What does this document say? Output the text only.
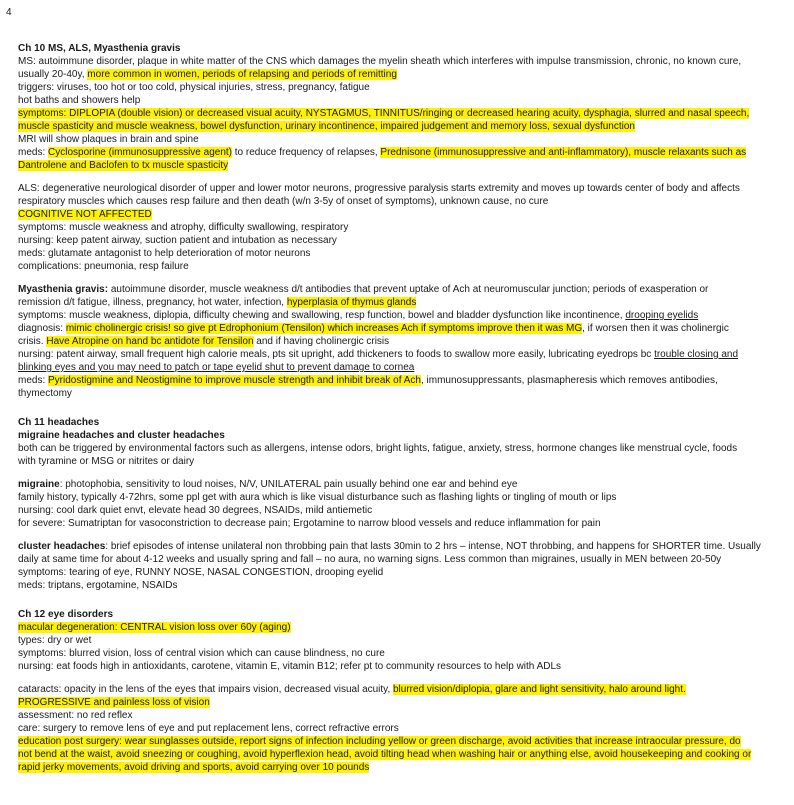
4

Ch 10 MS, ALS, Myasthenia gravis

MS: autoimmune disorder, plaque in white matter of the CNS which damages the myelin sheath which interferes with impulse transmission, chronic, no known cure,

usually 20-40y, more common in women, periods of relapsing and periods of remitting

triggers: viruses, too hot or too cold, physical injuries, stress, pregnancy, fatigue

hot baths and showers help

symptoms: DIPLOPIA (double vision) or decreased visual acuity, NYSTAGMUS, TINNITUS/ringing or decreased hearing acuity, dysphagia, slurred and nasal speech,

muscle spasticity and muscle weakness, bowel dysfunction, urinary incontinence, impaired judgement and memory loss, sexual dysfunction

MRI will show plaques in brain and spine

meds: Cyclosporine (immunosuppressive agent) to reduce frequency of relapses, Prednisone (immunosuppressive and anti-inflammatory), muscle relaxants such as

Dantrolene and Baclofen to tx muscle spasticity

ALS: degenerative neurological disorder of upper and lower motor neurons, progressive paralysis starts extremity and moves up towards center of body and affects

respiratory muscles which causes resp failure and then death (w/n 3-5y of onset of symptoms), unknown cause, no cure

COGNITIVE NOT AFFECTED

symptoms: muscle weakness and atrophy, difficulty swallowing, respiratory

nursing: keep patent airway, suction patient and intubation as necessary

meds: glutamate antagonist to help deterioration of motor neurons

complications: pneumonia, resp failure

Myasthenia gravis: autoimmune disorder, muscle weakness d/t antibodies that prevent uptake of Ach at neuromuscular junction; periods of exasperation or

remission d/t fatigue, illness, pregnancy, hot water, infection, hyperplasia of thymus glands

symptoms: muscle weakness, diplopia, difficulty chewing and swallowing, resp function, bowel and bladder dysfunction like incontinence, drooping eyelids

diagnosis: mimic cholinergic crisis! so give pt Edrophonium (Tensilon) which increases Ach if symptoms improve then it was MG, if worsen then it was cholinergic

crisis. Have Atropine on hand bc antidote for Tensilon and if having cholinergic crisis

nursing: patent airway, small frequent high calorie meals, pts sit upright, add thickeners to foods to swallow more easily, lubricating eyedrops bc trouble closing and

blinking eyes and you may need to patch or tape eyelid shut to prevent damage to cornea

meds: Pyridostigmine and Neostigmine to improve muscle strength and inhibit break of Ach, immunosuppressants, plasmapheresis which removes antibodies,

thymectomy

Ch 11 headaches

migraine headaches and cluster headaches

both can be triggered by environmental factors such as allergens, intense odors, bright lights, fatigue, anxiety, stress, hormone changes like menstrual cycle, foods

with tyramine or MSG or nitrites or dairy

migraine: photophobia, sensitivity to loud noises, N/V, UNILATERAL pain usually behind one ear and behind eye

family history, typically 4-72hrs, some ppl get with aura which is like visual disturbance such as flashing lights or tingling of mouth or lips

nursing: cool dark quiet envt, elevate head 30 degrees, NSAIDs, mild antiemetic

for severe: Sumatriptan for vasoconstriction to decrease pain; Ergotamine to narrow blood vessels and reduce inflammation for pain

cluster headaches: brief episodes of intense unilateral non throbbing pain that lasts 30min to 2 hrs – intense, NOT throbbing, and happens for SHORTER time. Usually

daily at same time for about 4-12 weeks and usually spring and fall – no aura, no warning signs. Less common than migraines, usually in MEN between 20-50y

symptoms: tearing of eye, RUNNY NOSE, NASAL CONGESTION, drooping eyelid

meds: triptans, ergotamine, NSAIDs

Ch 12 eye disorders

macular degeneration: CENTRAL vision loss over 60y (aging)

types: dry or wet

symptoms: blurred vision, loss of central vision which can cause blindness, no cure

nursing: eat foods high in antioxidants, carotene, vitamin E, vitamin B12; refer pt to community resources to help with ADLs

cataracts: opacity in the lens of the eyes that impairs vision, decreased visual acuity, blurred vision/diplopia, glare and light sensitivity, halo around light.

PROGRESSIVE and painless loss of vision

assessment: no red reflex

care: surgery to remove lens of eye and put replacement lens, correct refractive errors

education post surgery: wear sunglasses outside, report signs of infection including yellow or green discharge, avoid activities that increase intraocular pressure, do

not bend at the waist, avoid sneezing or coughing, avoid hyperflexion head, avoid tilting head when washing hair or anything else, avoid housekeeping and cooking or

rapid jerky movements, avoid driving and sports, avoid carrying over 10 pounds
